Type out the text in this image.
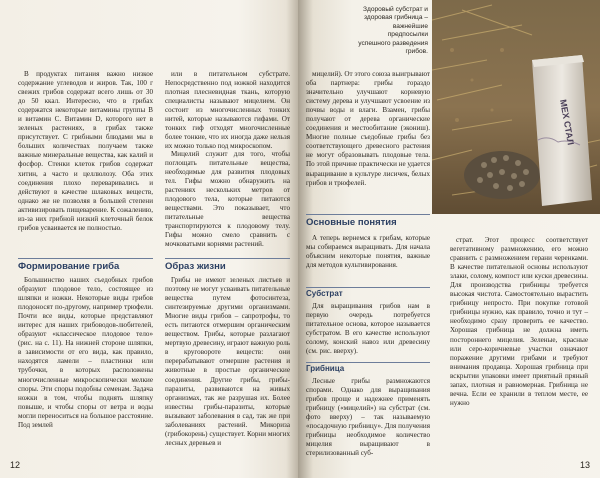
В продуктах питания важно низкое содержание углеводов и жиров. Так, 100 г свежих грибов содержат всего лишь от 30 до 50 ккал. Интересно, что в грибах содержатся некоторые витамины группы В и витамин С. Витамин D, которого нет в зеленых растениях, в грибах также присутствует. С грибными блюдами мы в больших количествах получаем также важные минеральные вещества, как калий и фосфор. Стенки клеток грибов содержат хитин, а часто и целлюлозу. Оба этих соединения плохо переваривались и действуют в качестве шлаковых веществ, однако же не позволяя в большей степени активизировать пищеварение. К сожалению, из-за них грибной низкий клеточный белок грибов усваивается не полностью.

Формирование гриба

Большинство наших съедобных грибов образуют плодовое тело, состоящее из шляпки и ножки. Некоторые виды грибов плодоносят по-другому, например трюфели. Почти все виды, которые представляют интерес для наших грибоводов-любителей, образуют «классическое плодовое тело» (рис. на с. 11). На нижней стороне шляпки, в зависимости от его вида, как правило, находятся ламели – пластинки или трубочки, в которых расположены многочисленные микроскопически мелкие споры. Эти споры подобны семенам. Задача ножки в том, чтобы поднять шляпку повыше, и чтобы споры от ветра и воды могли переноситься на большое расстояние. Под землей

или в питательном субстрате. Непосредственно под ножкой находится плотная плесневидная ткань, которую специалисты называют мицелием. Он состоит из многочисленных тонких нитей, которые называются гифами. От тонких гиф отходят многочисленные более тонкие, что их иногда даже нельзя их можно только под микроскопом.

Мицелий служит для того, чтобы поглощать питательные вещества, необходимые для развития плодовых тел. Гифы можно обнаружить на растениях нескольких метров от плодового тела, которые питаются веществами. Это показывает, что питательные вещества транспортируются к плодовому телу. Гифы можно смело сравнить с мочковатыми корнями растений.

Образ жизни

Грибы не имеют зеленых листьев и поэтому не могут усваивать питательные вещества путем фотосинтеза, синтезируемые другими организмами. Многие виды грибов – сапротрофы, то есть питаются отмершим органическим веществом. Грибы, которые разлагают мертвую древесину, играют важную роль в круговороте веществ: они перерабатывают отмершие растения и животные в простые органические соединения. Другие грибы, грибы-паразиты, развиваются на живых организмах, так же разрушая их. Более известны грибы-паразиты, которые вызывают заболевания в сад, так же при заболеваниях растений. Микориза (грибокорень) существует. Корни многих лесных деревьев и

12
Здоровый субстрат и здоровая грибница – важнейшие предпосылки успешного разведения грибов.
МЕХ СТАЛ

мицелий). От этого союза выигрывают оба партнера: грибы гораздо значительно улучшают корневую систему дерева и улучшают усвоение из почвы воды и влаги. Взамен, грибы получают от дерева органические соединения и местообитание (экониш). Многие полные съедобные грибы без соответствующего древесного растения не могут образовывать плодовые тела. По этой причине практически не удается выращивание в культуре лисичек, белых грибов и трюфелей.

Основные понятия

А теперь вернемся к грибам, которые мы собираемся выращивать. Для начала объясним некоторые понятия, важные для методов культивирования.

Субстрат

Для выращивания грибов нам в первую очередь потребуется питательное основа, которое называется субстратом. В его качестве используют солому, конский навоз или древесину (см. рис. вверху).

Грибница

Лесные грибы размножаются спорами. Однако для выращивания грибов проще и надежнее применять грибницу («мицелий») на субстрат (см. фото вверху) – так называемую «посадочную грибницу». Для получения грибницы необходимое количество мицелия выращивают в стерилизованный суб-

страт. Этот процесс соответствует вегетативному размножению, его можно сравнить с размножением герани черенками. В качестве питательной основы используют злаки, солому, компост или куски древесины. Для производства грибницы требуется высокая чистота. Самостоятельно вырастить грибницу непросто. При покупке готовой грибницы нужно, как правило, точно и тут – необходимо сразу проверить ее качество. Хорошая грибница не должна иметь постороннего мицелия. Зеленые, красные или серо-коричневые участки означают поражение другими грибами и требуют внимания продавца. Хорошая грибница при вскрытии упаковки имеет приятный пряный запах, плотная и равномерная. Грибница не вечна. Если ее хранили в теплом месте, ее нужно

13
